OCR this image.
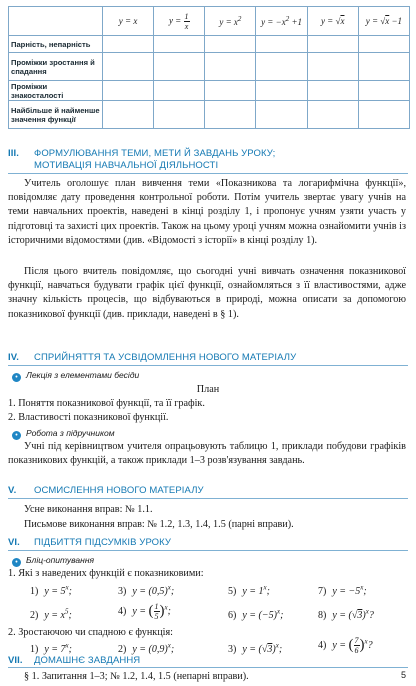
	y = x	$y = \frac{1}{x}$	$y = x^2$	$y = -x^2 +1$	y = √x	y = √x −1
Парність, непарність						
Проміжки зростання й спадання						
Проміжки знакосталості						
Найбільше й найменше значення функції						
III. ФОРМУЛЮВАННЯ ТЕМИ, МЕТИ Й ЗАВДАНЬ УРОКУ;
МОТИВАЦІЯ НАВЧАЛЬНОЇ ДІЯЛЬНОСТІ
Учитель оголошує план вивчення теми «Показникова та логарифмічна функції», повідомляє дату проведення контрольної роботи. Потім учитель звертає увагу учнів на теми навчальних проектів, наведені в кінці розділу 1, і пропонує учням узяти участь у підготовці та захисті цих проектів. Також на цьому уроці учням можна ознайомити учнів із історичними відомостями (див. «Відомості з історії» в кінці розділу 1).
Після цього вчитель повідомляє, що сьогодні учні вивчать означення показникової функції, навчаться будувати графік цієї функції, ознайомляться з її властивостями, адже значну кількість процесів, що відбуваються в природі, можна описати за допомогою показникової функції (див. приклади, наведені в § 1).
IV. СПРИЙНЯТТЯ ТА УСВІДОМЛЕННЯ НОВОГО МАТЕРІАЛУ
• Лекція з елементами бесіди
План
1. Поняття показникової функції, та її графік.
2. Властивості показникової функції.
• Робота з підручником
Учні під керівництвом учителя опрацьовують таблицю 1, приклади побудови графіків показникових функцій, а також приклади 1–3 розв'язування завдань.
V. ОСМИСЛЕННЯ НОВОГО МАТЕРІАЛУ
Усне виконання вправ: № 1.1.
Письмове виконання вправ: № 1.2, 1.3, 1.4, 1.5 (парні вправи).
VI. ПІДБИТТЯ ПІДСУМКІВ УРОКУ
• Бліц-опитування
1. Які з наведених функцій є показниковими:
1) $y = 5^x$;	3) $y = (0,5)^x$;	5) $y = 1^x$;	7) $y = -5^x$;
2) $y = x^5$;	4) y = ( $\frac{1}{5} )^x$;	6) $y = (-5)^x$;	8) $y = (√3)^x$?
2. Зростаючою чи спадною є функція:
1) $y = 7^x$;	2) $y = (0,9)^x$;	3) $y = (√3)^x$;	4) y = ( $\frac{7}{6} )^x$?
VII. ДОМАШНЄ ЗАВДАННЯ
§ 1. Запитання 1–3; № 1.2, 1.4, 1.5 (непарні вправи).	5
